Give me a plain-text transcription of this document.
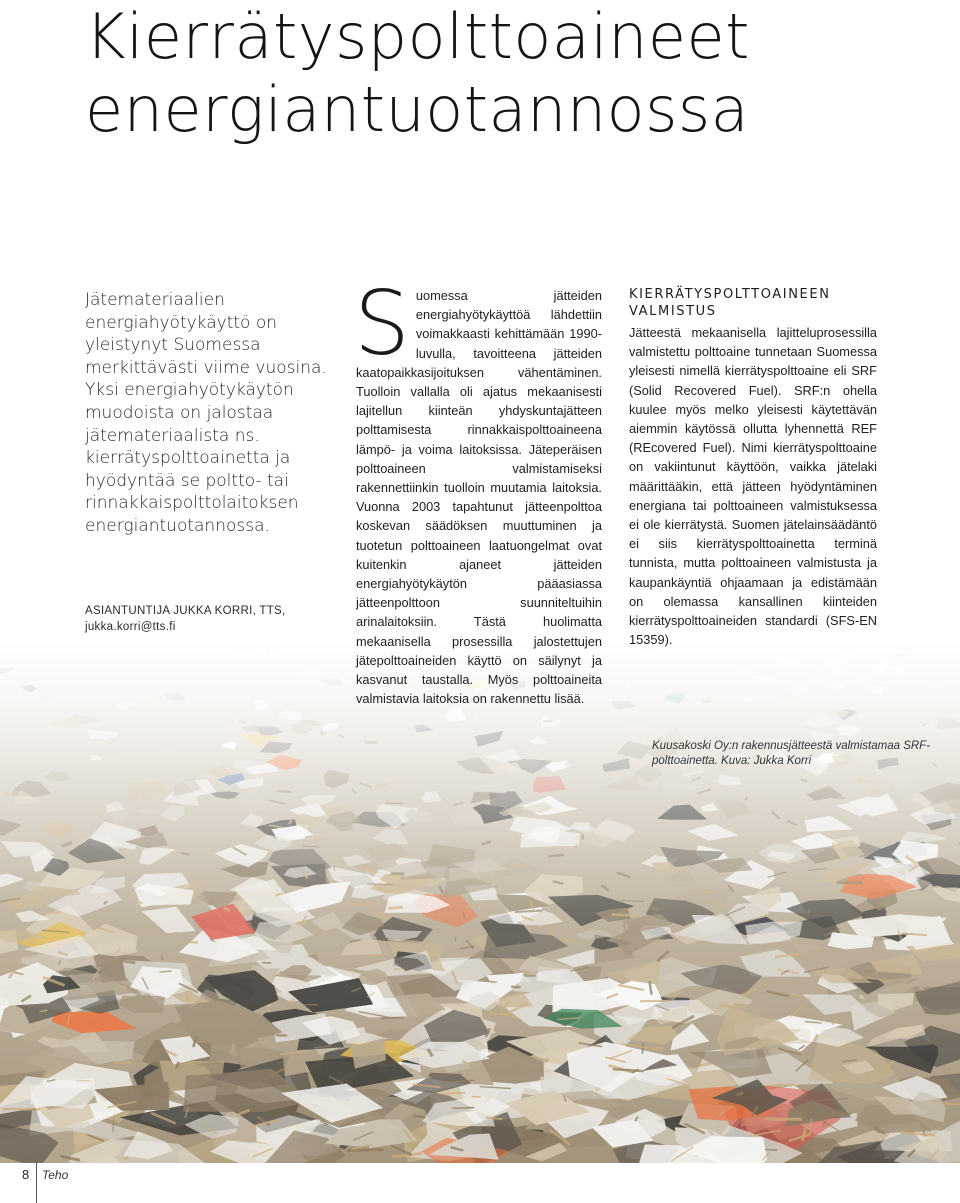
Kierrätyspolttoaineet
energiantuotannossa

Jätemateriaalien energiahyötykäyttö on yleistynyt Suomessa merkittävästi viime vuosina. Yksi energiahyötykäytön muodoista on jalostaa jätemateriaalista ns. kierrätyspolttoainetta ja hyödyntää se poltto- tai rinnakkaispolttolaitoksen energiantuotannossa.

ASIANTUNTIJA JUKKA KORRI, TTS,
jukka.korri@tts.fi

Suomessa jätteiden energiahyötykäyttöä lähdettiin voimakkaasti kehittämään 1990-luvulla, tavoitteena jätteiden kaatopaikkasijoituksen vähentäminen. Tuolloin vallalla oli ajatus mekaanisesti lajitellun kiinteän yhdyskuntajätteen polttamisesta rinnakkaispolttoaineena lämpö- ja voima laitoksissa. Jäteperäisen polttoaineen valmistamiseksi rakennettiinkin tuolloin muutamia laitoksia. Vuonna 2003 tapahtunut jätteenpolttoa koskevan säädöksen muuttuminen ja tuotetun polttoaineen laatuongelmat ovat kuitenkin ajaneet jätteiden energiahyötykäytön pääasiassa jätteenpolttoon suunniteltuihin arinalaitoksiin. Tästä huolimatta mekaanisella prosessilla jalostettujen jätepolttoaineiden käyttö on säilynyt ja kasvanut taustalla. Myös polttoaineita valmistavia laitoksia on rakennettu lisää.

KIERRÄTYSPOLTTOAINEEN
VALMISTUS

Jätteestä mekaanisella lajitteluprosessilla valmistettu polttoaine tunnetaan Suomessa yleisesti nimellä kierrätyspolttoaine eli SRF (Solid Recovered Fuel). SRF:n ohella kuulee myös melko yleisesti käytettävän aiemmin käytössä ollutta lyhennettä REF (REcovered Fuel). Nimi kierrätyspolttoaine on vakiintunut käyttöön, vaikka jätelaki määrittääkin, että jätteen hyödyntäminen energiana tai polttoaineen valmistuksessa ei ole kierrätystä. Suomen jätelainsäädäntö ei siis kierrätyspolttoainetta terminä tunnista, mutta polttoaineen valmistusta ja kaupankäyntiä ohjaamaan ja edistämään on olemassa kansallinen kiinteiden kierrätyspolttoaineiden standardi (SFS-EN 15359).

Kuusakoski Oy:n rakennusjätteestä valmistamaa SRF-polttoainetta. Kuva: Jukka Korri
8 Teho
